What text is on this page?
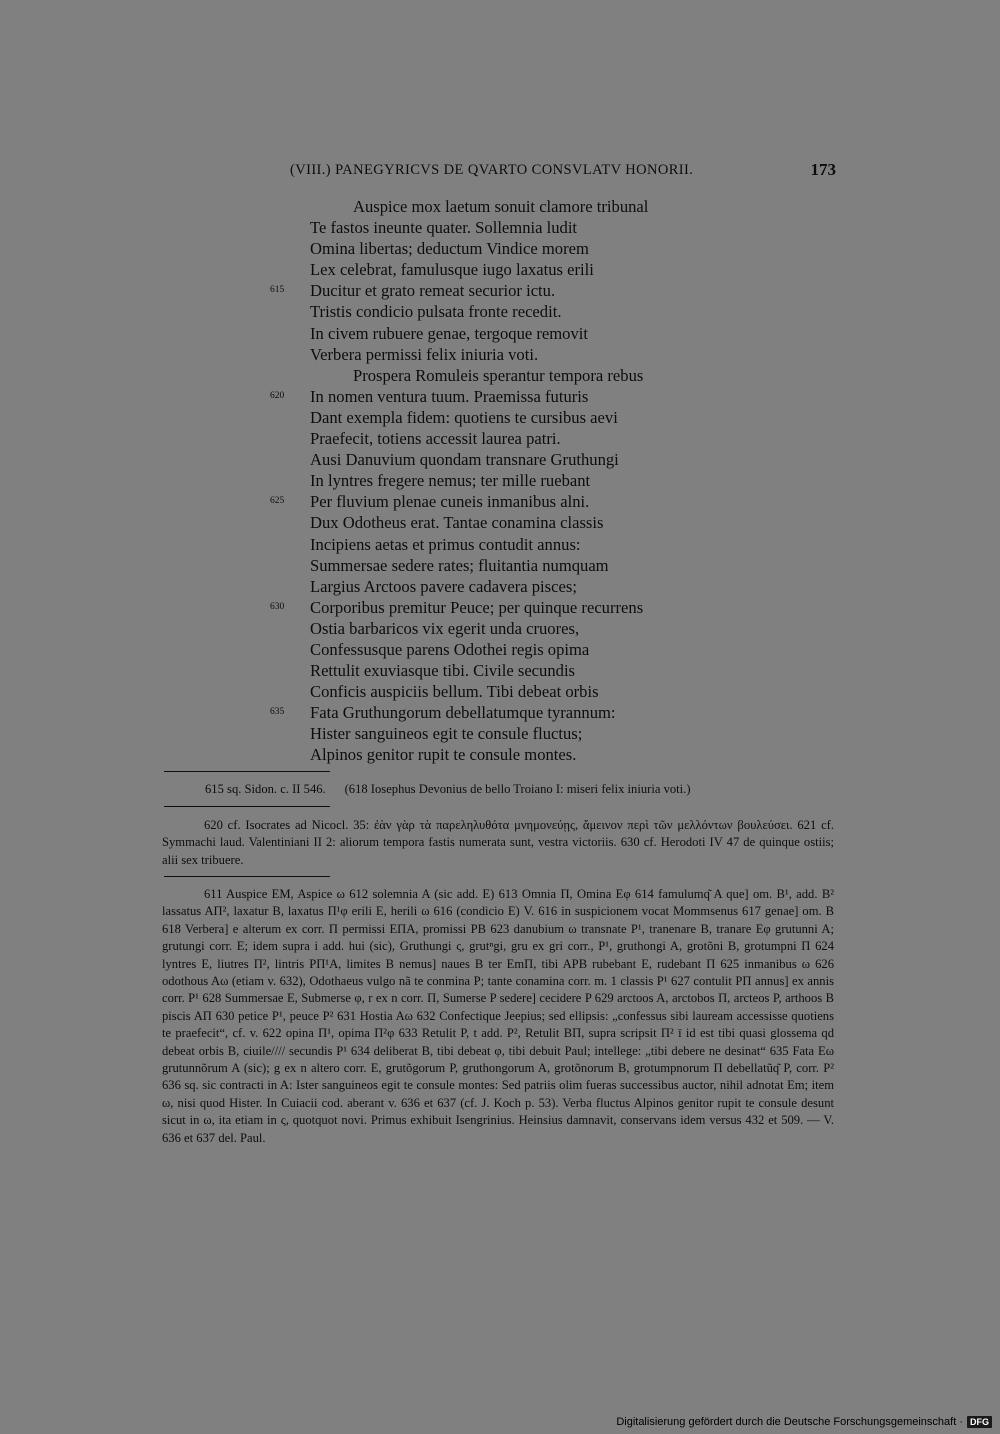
(VIII.) PANEGYRICVS DE QVARTO CONSVLATV HONORII.	173
Auspice mox laetum sonuit clamore tribunal
Te fastos ineunte quater. Sollemnia ludit
Omina libertas; deductum Vindice morem
Lex celebrat, famulusque iugo laxatus erili
615	Ducitur et grato remeat securior ictu.
Tristis condicio pulsata fronte recedit.
In civem rubuere genae, tergoque removit
Verbera permissi felix iniuria voti.
Prospera Romuleis sperantur tempora rebus
620	In nomen ventura tuum. Praemissa futuris
Dant exempla fidem: quotiens te cursibus aevi
Praefecit, totiens accessit laurea patri.
Ausi Danuvium quondam transnare Gruthungi
In lyntres fregere nemus; ter mille ruebant
625	Per fluvium plenae cuneis inmanibus alni.
Dux Odotheus erat. Tantae conamina classis
Incipiens aetas et primus contudit annus:
Summersae sedere rates; fluitantia numquam
Largius Arctoos pavere cadavera pisces;
630	Corporibus premitur Peuce; per quinque recurrens
Ostia barbaricos vix egerit unda cruores,
Confessusque parens Odothei regis opima
Rettulit exuviasque tibi. Civile secundis
Conficis auspiciis bellum. Tibi debeat orbis
635	Fata Gruthungorum debellatumque tyrannum:
Hister sanguineos egit te consule fluctus;
Alpinos genitor rupit te consule montes.

615 sq. Sidon. c. II 546.      (618 Iosephus Devonius de bello Troiano I: miseri felix iniuria voti.)

620 cf. Isocrates ad Nicocl. 35: ἐὰν γὰρ τὰ παρεληλυθότα μνημονεύῃς, ἄμεινον περὶ τῶν μελλόντων βουλεύσει. 621 cf. Symmachi laud. Valentiniani II 2: aliorum tempora fastis numerata sunt, vestra victoriis. 630 cf. Herodoti IV 47 de quinque ostiis; alii sex tribuere.

611 Auspice EM, Aspice ω 612 solemnia A (sic add. E) 613 Omnia Π, Omina Eφ 614 famulumq͂ A que] om. B¹, add. B² lassatus AΠ², laxatur B, laxatus Π¹φ erili E, herili ω 616 (condicio E) V. 616 in suspicionem vocat Mommsenus 617 genae] om. B 618 Verbera] e alterum ex corr. Π permissi EΠA, promissi PB 623 danubium ω transnate P¹, tranenare B, tranare Eφ grutunni A; grutungi corr. E; idem supra i add. hui (sic), Gruthungi ς, grutⁿgi, gru ex gri corr., P¹, gruthongi A, grotõni B, grotumpni Π 624 lyntres E, liutres Π², lintris PΠ¹A, limites B nemus] naues B ter EmΠ, tibi APB rubebant E, rudebant Π 625 inmanibus ω 626 odothous Aω (etiam v. 632), Odothaeus vulgo nã te conmina P; tante conamina corr. m. 1 classis P¹ 627 contulit PΠ annus] ex annis corr. P¹ 628 Summersae E, Submerse φ, r ex n corr. Π, Sumerse P sedere] cecidere P 629 arctoos A, arctobos Π, arcteos P, arthoos B piscis AΠ 630 petice P¹, peuce P² 631 Hostia Aω 632 Confectique Jeepius; sed ellipsis: „confessus sibi lauream accessisse quotiens te praefecit“, cf. v. 622 opina Π¹, opima Π²φ 633 Retulit P, t add. P², Retulit BΠ, supra scripsit Π² ī id est tibi quasi glossema qd debeat orbis B, ciuile//// secundis P¹ 634 deliberat B, tibi debeat φ, tibi debuit Paul; intellege: „tibi debere ne desinat“ 635 Fata Eω grutunnõrum A (sic); g ex n altero corr. E, grutõgorum P, gruthongorum A, grotõnorum B, grotumpnorum Π debellatũq͂ P, corr. P² 636 sq. sic contracti in A: Ister sanguineos egit te consule montes: Sed patriis olim fueras successibus auctor, nihil adnotat Em; item ω, nisi quod Hister. In Cuiacii cod. aberant v. 636 et 637 (cf. J. Koch p. 53). Verba fluctus Alpinos genitor rupit te consule desunt sicut in ω, ita etiam in ς, quotquot novi. Primus exhibuit Isengrinius. Heinsius damnavit, conservans idem versus 432 et 509. — V. 636 et 637 del. Paul.

Digitalisierung gefördert durch die Deutsche Forschungsgemeinschaft · DFG
